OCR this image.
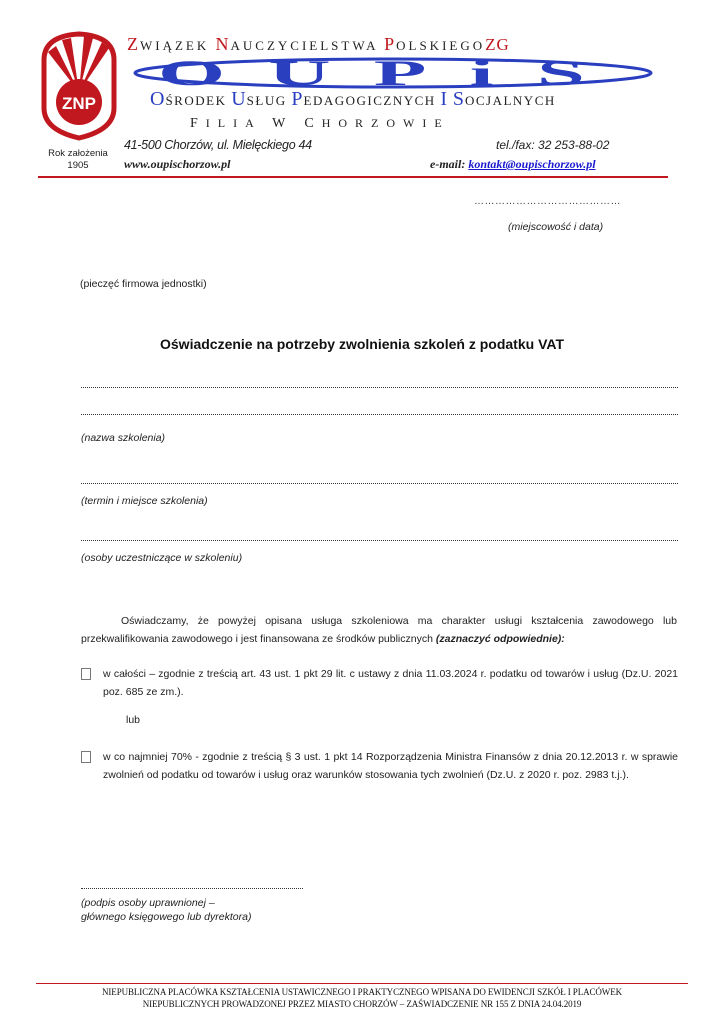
ZNP
Rok założenia
1905
ZWIĄZEK NAUCZYCIELSTWA POLSKIEGOZG
OUPiS
OŚRODEK USŁUG PEDAGOGICZNYCH I SOCJALNYCH
FILIA W CHORZOWIE
41-500 Chorzów, ul. Mielęckiego 44
www.oupischorzow.pl
tel./fax: 32 253-88-02
e-mail: kontakt@oupischorzow.pl
……………………………………
(miejscowość i data)
(pieczęć firmowa jednostki)
Oświadczenie na potrzeby zwolnienia szkoleń z podatku VAT
(nazwa szkolenia)
(termin i miejsce szkolenia)
(osoby uczestniczące w szkoleniu)
Oświadczamy, że powyżej opisana usługa szkoleniowa ma charakter usługi kształcenia zawodowego lub przekwalifikowania zawodowego i jest finansowana ze środków publicznych (zaznaczyć odpowiednie):
w całości – zgodnie z treścią art. 43 ust. 1 pkt 29 lit. c ustawy z dnia 11.03.2024 r. podatku od towarów i usług (Dz.U. 2021 poz. 685 ze zm.).
lub
w co najmniej 70% - zgodnie z treścią § 3 ust. 1 pkt 14 Rozporządzenia Ministra Finansów z dnia 20.12.2013 r. w sprawie zwolnień od podatku od towarów i usług oraz warunków stosowania tych zwolnień (Dz.U. z 2020 r. poz. 2983 t.j.).
(podpis osoby uprawnionej –
głównego księgowego lub dyrektora)
NIEPUBLICZNA PLACÓWKA KSZTAŁCENIA USTAWICZNEGO I PRAKTYCZNEGO WPISANA DO EWIDENCJI SZKÓŁ I PLACÓWEK
NIEPUBLICZNYCH PROWADZONEJ PRZEZ MIASTO CHORZÓW – ZAŚWIADCZENIE NR 155 Z DNIA 24.04.2019
